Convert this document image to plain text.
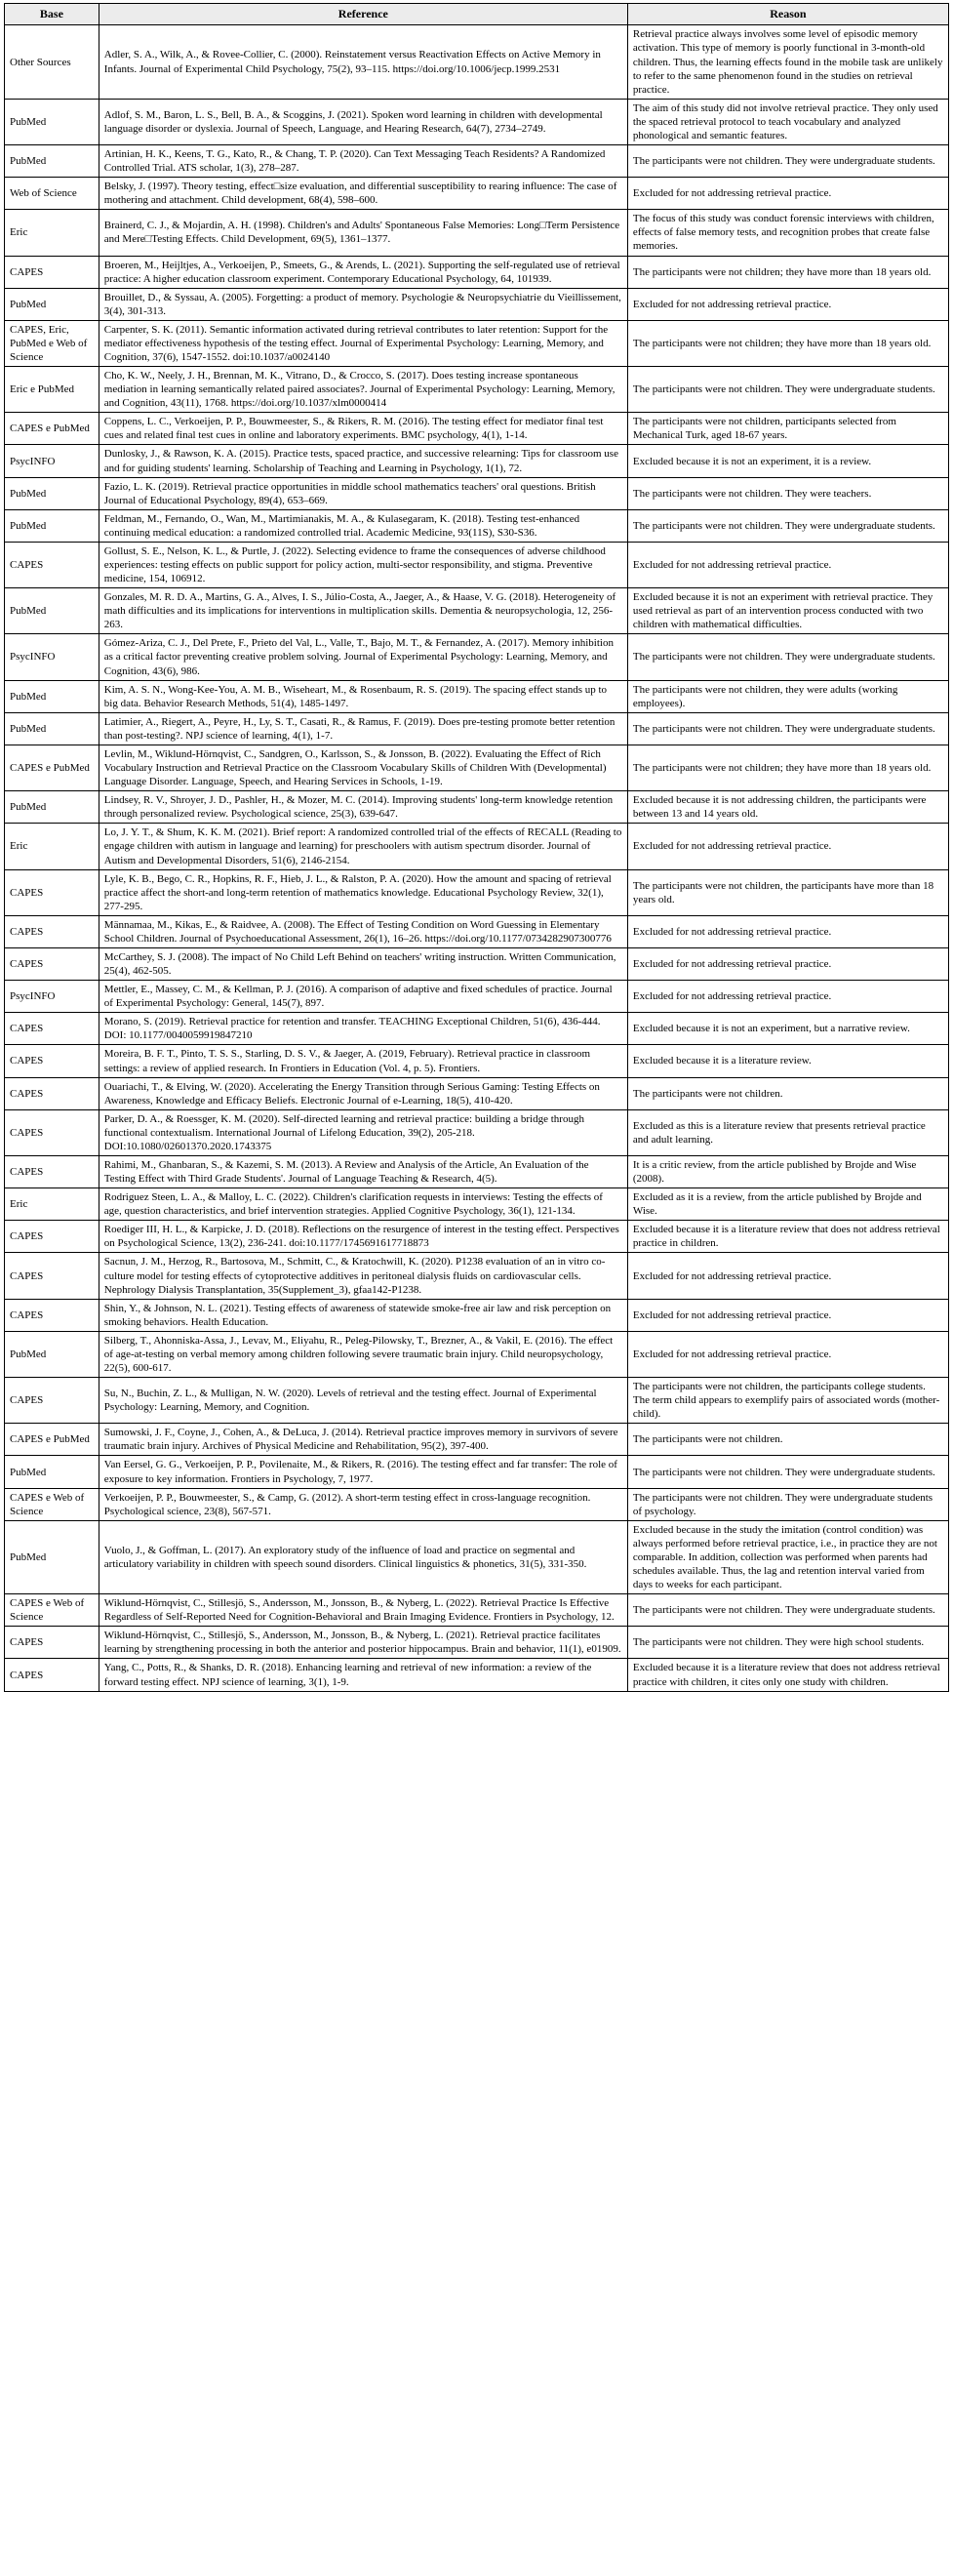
Base	Reference	Reason
Other Sources	Adler, S. A., Wilk, A., & Rovee-Collier, C. (2000). Reinstatement versus Reactivation Effects on Active Memory in Infants. Journal of Experimental Child Psychology, 75(2), 93–115. https://doi.org/10.1006/jecp.1999.2531	Retrieval practice always involves some level of episodic memory activation. This type of memory is poorly functional in 3-month-old children. Thus, the learning effects found in the mobile task are unlikely to refer to the same phenomenon found in the studies on retrieval practice.
PubMed	Adlof, S. M., Baron, L. S., Bell, B. A., & Scoggins, J. (2021). Spoken word learning in children with developmental language disorder or dyslexia. Journal of Speech, Language, and Hearing Research, 64(7), 2734–2749.	The aim of this study did not involve retrieval practice. They only used the spaced retrieval protocol to teach vocabulary and analyzed phonological and semantic features.
PubMed	Artinian, H. K., Keens, T. G., Kato, R., & Chang, T. P. (2020). Can Text Messaging Teach Residents? A Randomized Controlled Trial. ATS scholar, 1(3), 278–287.	The participants were not children. They were undergraduate students.
Web of Science	Belsky, J. (1997). Theory testing, effect□size evaluation, and differential susceptibility to rearing influence: The case of mothering and attachment. Child development, 68(4), 598–600.	Excluded for not addressing retrieval practice.
Eric	Brainerd, C. J., & Mojardin, A. H. (1998). Children's and Adults' Spontaneous False Memories: Long□Term Persistence and Mere□Testing Effects. Child Development, 69(5), 1361–1377.	The focus of this study was conduct forensic interviews with children, effects of false memory tests, and recognition probes that create false memories.
CAPES	Broeren, M., Heijltjes, A., Verkoeijen, P., Smeets, G., & Arends, L. (2021). Supporting the self-regulated use of retrieval practice: A higher education classroom experiment. Contemporary Educational Psychology, 64, 101939.	The participants were not children; they have more than 18 years old.
PubMed	Brouillet, D., & Syssau, A. (2005). Forgetting: a product of memory. Psychologie & Neuropsychiatrie du Vieillissement, 3(4), 301-313.	Excluded for not addressing retrieval practice.
CAPES, Eric, PubMed e Web of Science	Carpenter, S. K. (2011). Semantic information activated during retrieval contributes to later retention: Support for the mediator effectiveness hypothesis of the testing effect. Journal of Experimental Psychology: Learning, Memory, and Cognition, 37(6), 1547-1552. doi:10.1037/a0024140	The participants were not children; they have more than 18 years old.
Eric e PubMed	Cho, K. W., Neely, J. H., Brennan, M. K., Vitrano, D., & Crocco, S. (2017). Does testing increase spontaneous mediation in learning semantically related paired associates?. Journal of Experimental Psychology: Learning, Memory, and Cognition, 43(11), 1768. https://doi.org/10.1037/xlm0000414	The participants were not children. They were undergraduate students.
CAPES e PubMed	Coppens, L. C., Verkoeijen, P. P., Bouwmeester, S., & Rikers, R. M. (2016). The testing effect for mediator final test cues and related final test cues in online and laboratory experiments. BMC psychology, 4(1), 1-14.	The participants were not children, participants selected from Mechanical Turk, aged 18-67 years.
PsycINFO	Dunlosky, J., & Rawson, K. A. (2015). Practice tests, spaced practice, and successive relearning: Tips for classroom use and for guiding students' learning. Scholarship of Teaching and Learning in Psychology, 1(1), 72.	Excluded because it is not an experiment, it is a review.
PubMed	Fazio, L. K. (2019). Retrieval practice opportunities in middle school mathematics teachers' oral questions. British Journal of Educational Psychology, 89(4), 653–669.	The participants were not children. They were teachers.
PubMed	Feldman, M., Fernando, O., Wan, M., Martimianakis, M. A., & Kulasegaram, K. (2018). Testing test-enhanced continuing medical education: a randomized controlled trial. Academic Medicine, 93(11S), S30-S36.	The participants were not children. They were undergraduate students.
CAPES	Gollust, S. E., Nelson, K. L., & Purtle, J. (2022). Selecting evidence to frame the consequences of adverse childhood experiences: testing effects on public support for policy action, multi-sector responsibility, and stigma. Preventive medicine, 154, 106912.	Excluded for not addressing retrieval practice.
PubMed	Gonzales, M. R. D. A., Martins, G. A., Alves, I. S., Júlio-Costa, A., Jaeger, A., & Haase, V. G. (2018). Heterogeneity of math difficulties and its implications for interventions in multiplication skills. Dementia & neuropsychologia, 12, 256-263.	Excluded because it is not an experiment with retrieval practice. They used retrieval as part of an intervention process conducted with two children with mathematical difficulties.
PsycINFO	Gómez-Ariza, C. J., Del Prete, F., Prieto del Val, L., Valle, T., Bajo, M. T., & Fernandez, A. (2017). Memory inhibition as a critical factor preventing creative problem solving. Journal of Experimental Psychology: Learning, Memory, and Cognition, 43(6), 986.	The participants were not children. They were undergraduate students.
PubMed	Kim, A. S. N., Wong-Kee-You, A. M. B., Wiseheart, M., & Rosenbaum, R. S. (2019). The spacing effect stands up to big data. Behavior Research Methods, 51(4), 1485-1497.	The participants were not children, they were adults (working employees).
PubMed	Latimier, A., Riegert, A., Peyre, H., Ly, S. T., Casati, R., & Ramus, F. (2019). Does pre-testing promote better retention than post-testing?. NPJ science of learning, 4(1), 1-7.	The participants were not children. They were undergraduate students.
CAPES e PubMed	Levlin, M., Wiklund-Hörnqvist, C., Sandgren, O., Karlsson, S., & Jonsson, B. (2022). Evaluating the Effect of Rich Vocabulary Instruction and Retrieval Practice on the Classroom Vocabulary Skills of Children With (Developmental) Language Disorder. Language, Speech, and Hearing Services in Schools, 1-19.	The participants were not children; they have more than 18 years old.
PubMed	Lindsey, R. V., Shroyer, J. D., Pashler, H., & Mozer, M. C. (2014). Improving students' long-term knowledge retention through personalized review. Psychological science, 25(3), 639-647.	Excluded because it is not addressing children, the participants were between 13 and 14 years old.
Eric	Lo, J. Y. T., & Shum, K. K. M. (2021). Brief report: A randomized controlled trial of the effects of RECALL (Reading to engage children with autism in language and learning) for preschoolers with autism spectrum disorder. Journal of Autism and Developmental Disorders, 51(6), 2146-2154.	Excluded for not addressing retrieval practice.
CAPES	Lyle, K. B., Bego, C. R., Hopkins, R. F., Hieb, J. L., & Ralston, P. A. (2020). How the amount and spacing of retrieval practice affect the short-and long-term retention of mathematics knowledge. Educational Psychology Review, 32(1), 277-295.	The participants were not children, the participants have more than 18 years old.
CAPES	Männamaa, M., Kikas, E., & Raidvee, A. (2008). The Effect of Testing Condition on Word Guessing in Elementary School Children. Journal of Psychoeducational Assessment, 26(1), 16–26. https://doi.org/10.1177/0734282907300776	Excluded for not addressing retrieval practice.
CAPES	McCarthey, S. J. (2008). The impact of No Child Left Behind on teachers' writing instruction. Written Communication, 25(4), 462-505.	Excluded for not addressing retrieval practice.
PsycINFO	Mettler, E., Massey, C. M., & Kellman, P. J. (2016). A comparison of adaptive and fixed schedules of practice. Journal of Experimental Psychology: General, 145(7), 897.	Excluded for not addressing retrieval practice.
CAPES	Morano, S. (2019). Retrieval practice for retention and transfer. TEACHING Exceptional Children, 51(6), 436-444. DOI: 10.1177/0040059919847210	Excluded because it is not an experiment, but a narrative review.
CAPES	Moreira, B. F. T., Pinto, T. S. S., Starling, D. S. V., & Jaeger, A. (2019, February). Retrieval practice in classroom settings: a review of applied research. In Frontiers in Education (Vol. 4, p. 5). Frontiers.	Excluded because it is a literature review.
CAPES	Ouariachi, T., & Elving, W. (2020). Accelerating the Energy Transition through Serious Gaming: Testing Effects on Awareness, Knowledge and Efficacy Beliefs. Electronic Journal of e-Learning, 18(5), 410-420.	The participants were not children.
CAPES	Parker, D. A., & Roessger, K. M. (2020). Self-directed learning and retrieval practice: building a bridge through functional contextualism. International Journal of Lifelong Education, 39(2), 205-218. DOI:10.1080/02601370.2020.1743375	Excluded as this is a literature review that presents retrieval practice and adult learning.
CAPES	Rahimi, M., Ghanbaran, S., & Kazemi, S. M. (2013). A Review and Analysis of the Article, An Evaluation of the Testing Effect with Third Grade Students'. Journal of Language Teaching & Research, 4(5).	It is a critic review, from the article published by Brojde and Wise (2008).
Eric	Rodriguez Steen, L. A., & Malloy, L. C. (2022). Children's clarification requests in interviews: Testing the effects of age, question characteristics, and brief intervention strategies. Applied Cognitive Psychology, 36(1), 121-134.	Excluded as it is a review, from the article published by Brojde and Wise.
CAPES	Roediger III, H. L., & Karpicke, J. D. (2018). Reflections on the resurgence of interest in the testing effect. Perspectives on Psychological Science, 13(2), 236-241. doi:10.1177/1745691617718873	Excluded because it is a literature review that does not address retrieval practice in children.
CAPES	Sacnun, J. M., Herzog, R., Bartosova, M., Schmitt, C., & Kratochwill, K. (2020). P1238 evaluation of an in vitro co-culture model for testing effects of cytoprotective additives in peritoneal dialysis fluids on cardiovascular cells. Nephrology Dialysis Transplantation, 35(Supplement_3), gfaa142-P1238.	Excluded for not addressing retrieval practice.
CAPES	Shin, Y., & Johnson, N. L. (2021). Testing effects of awareness of statewide smoke-free air law and risk perception on smoking behaviors. Health Education.	Excluded for not addressing retrieval practice.
PubMed	Silberg, T., Ahonniska-Assa, J., Levav, M., Eliyahu, R., Peleg-Pilowsky, T., Brezner, A., & Vakil, E. (2016). The effect of age-at-testing on verbal memory among children following severe traumatic brain injury. Child neuropsychology, 22(5), 600-617.	Excluded for not addressing retrieval practice.
CAPES	Su, N., Buchin, Z. L., & Mulligan, N. W. (2020). Levels of retrieval and the testing effect. Journal of Experimental Psychology: Learning, Memory, and Cognition.	The participants were not children, the participants college students. The term child appears to exemplify pairs of associated words (mother-child).
CAPES e PubMed	Sumowski, J. F., Coyne, J., Cohen, A., & DeLuca, J. (2014). Retrieval practice improves memory in survivors of severe traumatic brain injury. Archives of Physical Medicine and Rehabilitation, 95(2), 397-400.	The participants were not children.
PubMed	Van Eersel, G. G., Verkoeijen, P. P., Povilenaite, M., & Rikers, R. (2016). The testing effect and far transfer: The role of exposure to key information. Frontiers in Psychology, 7, 1977.	The participants were not children. They were undergraduate students.
CAPES e Web of Science	Verkoeijen, P. P., Bouwmeester, S., & Camp, G. (2012). A short-term testing effect in cross-language recognition. Psychological science, 23(8), 567-571.	The participants were not children. They were undergraduate students of psychology.
PubMed	Vuolo, J., & Goffman, L. (2017). An exploratory study of the influence of load and practice on segmental and articulatory variability in children with speech sound disorders. Clinical linguistics & phonetics, 31(5), 331-350.	Excluded because in the study the imitation (control condition) was always performed before retrieval practice, i.e., in practice they are not comparable. In addition, collection was performed when parents had schedules available. Thus, the lag and retention interval varied from days to weeks for each participant.
CAPES e Web of Science	Wiklund-Hörnqvist, C., Stillesjö, S., Andersson, M., Jonsson, B., & Nyberg, L. (2022). Retrieval Practice Is Effective Regardless of Self-Reported Need for Cognition-Behavioral and Brain Imaging Evidence. Frontiers in Psychology, 12.	The participants were not children. They were undergraduate students.
CAPES	Wiklund-Hörnqvist, C., Stillesjö, S., Andersson, M., Jonsson, B., & Nyberg, L. (2021). Retrieval practice facilitates learning by strengthening processing in both the anterior and posterior hippocampus. Brain and behavior, 11(1), e01909.	The participants were not children. They were high school students.
CAPES	Yang, C., Potts, R., & Shanks, D. R. (2018). Enhancing learning and retrieval of new information: a review of the forward testing effect. NPJ science of learning, 3(1), 1-9.	Excluded because it is a literature review that does not address retrieval practice with children, it cites only one study with children.
